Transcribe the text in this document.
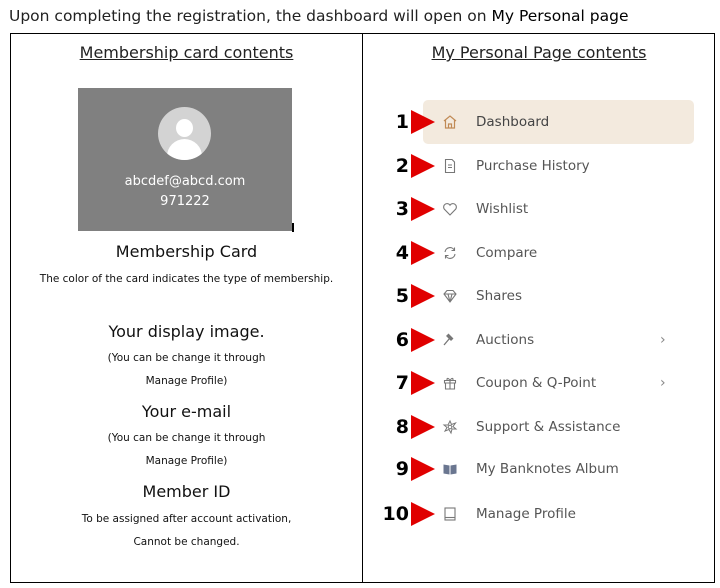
Upon completing the registration, the dashboard will open on My Personal page
Membership card contents
abcdef@abcd.com
971222
Membership Card
The color of the card indicates the type of membership.
Your display image.
(You can be change it through
Manage Profile)
Your e-mail
(You can be change it through
Manage Profile)
Member ID
To be assigned after account activation,
Cannot be changed.
My Personal Page contents
1	Dashboard
2	Purchase History
3	Wishlist
4	Compare
5	Shares
6	Auctions	›
7	Coupon & Q-Point	›
8	Support & Assistance
9	My Banknotes Album
10	Manage Profile
